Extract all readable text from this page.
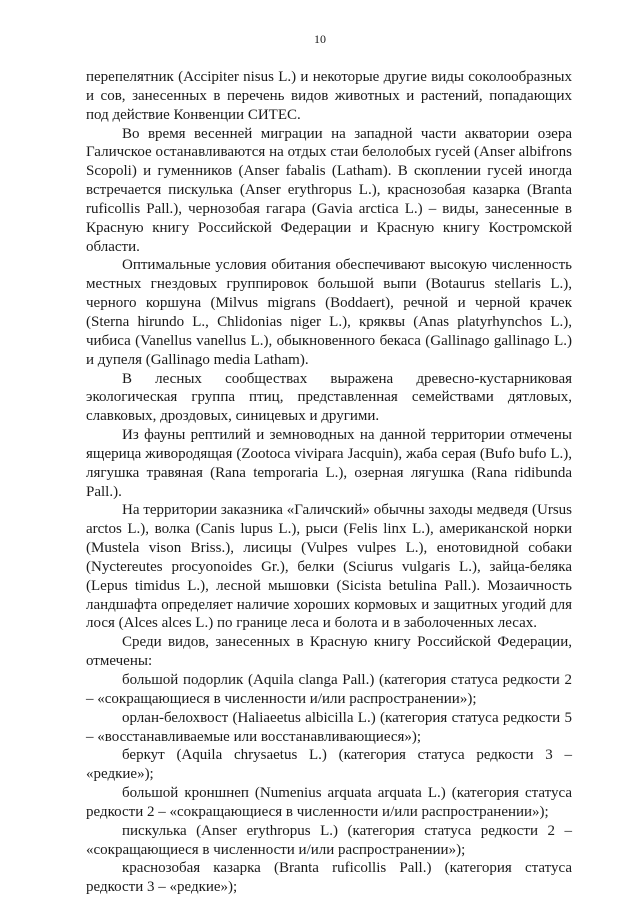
10

перепелятник (Accipiter nisus L.) и некоторые другие виды соколообразных и сов, занесенных в перечень видов животных и растений, попадающих под действие Конвенции СИТЕС.

Во время весенней миграции на западной части акватории озера Галичское останавливаются на отдых стаи белолобых гусей (Anser albifrons Scopoli) и гуменников (Anser fabalis (Latham). В скоплении гусей иногда встречается пискулька (Anser erythropus L.), краснозобая казарка (Branta ruficollis Pall.), чернозобая гагара (Gavia arctica L.) – виды, занесенные в Красную книгу Российской Федерации и Красную книгу Костромской области.

Оптимальные условия обитания обеспечивают высокую численность местных гнездовых группировок большой выпи (Botaurus stellaris L.), черного коршуна (Milvus migrans (Boddaert), речной и черной крачек (Sterna hirundo L., Chlidonias niger L.), кряквы (Anas platyrhynchos L.), чибиса (Vanellus vanellus L.), обыкновенного бекаса (Gallinago gallinago L.) и дупеля (Gallinago media Latham).

В лесных сообществах выражена древесно-кустарниковая экологическая группа птиц, представленная семействами дятловых, славковых, дроздовых, синицевых и другими.

Из фауны рептилий и земноводных на данной территории отмечены ящерица живородящая (Zootoca vivipara Jacquin), жаба серая (Bufo bufo L.), лягушка травяная (Rana temporaria L.), озерная лягушка (Rana ridibunda Pall.).

На территории заказника «Галичский» обычны заходы медведя (Ursus arctos L.), волка (Canis lupus L.), рыси (Felis linx L.), американской норки (Mustela vison Briss.), лисицы (Vulpes vulpes L.), енотовидной собаки (Nyctereutes procyonoides Gr.), белки (Sciurus vulgaris L.), зайца-беляка (Lepus timidus L.), лесной мышовки (Sicista betulina Pall.). Мозаичность ландшафта определяет наличие хороших кормовых и защитных угодий для лося (Alces alces L.) по границе леса и болота и в заболоченных лесах.

Среди видов, занесенных в Красную книгу Российской Федерации, отмечены:

большой подорлик (Aquila clanga Pall.) (категория статуса редкости 2 – «сокращающиеся в численности и/или распространении»);

орлан-белохвост (Haliaeetus albicilla L.) (категория статуса редкости 5 – «восстанавливаемые или восстанавливающиеся»);

беркут (Aquila chrysaetus L.) (категория статуса редкости 3 – «редкие»);

большой кроншнеп (Numenius arquata arquata L.) (категория статуса редкости 2 – «сокращающиеся в численности и/или распространении»);

пискулька (Anser erythropus L.) (категория статуса редкости 2 – «сокращающиеся в численности и/или распространении»);

краснозобая казарка (Branta ruficollis Pall.) (категория статуса редкости 3 – «редкие»);
